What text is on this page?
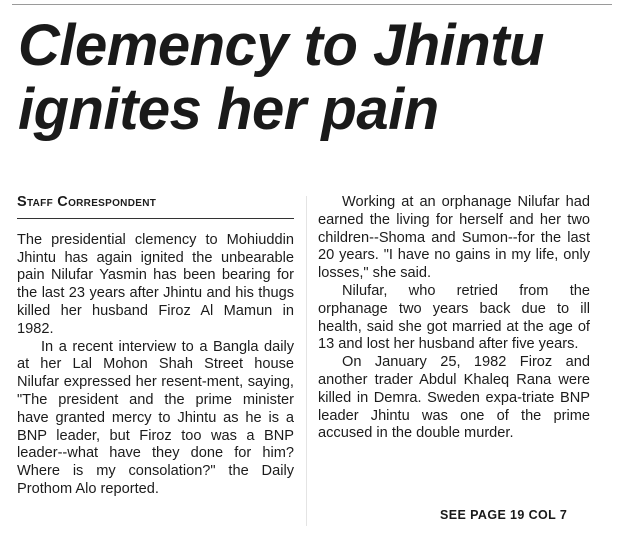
Clemency to Jhintu ignites her pain
Staff Correspondent

The presidential clemency to Mohiuddin Jhintu has again ignited the unbearable pain Nilufar Yasmin has been bearing for the last 23 years after Jhintu and his thugs killed her husband Firoz Al Mamun in 1982.

In a recent interview to a Bangla daily at her Lal Mohon Shah Street house Nilufar expressed her resent-ment, saying, "The president and the prime minister have granted mercy to Jhintu as he is a BNP leader, but Firoz too was a BNP leader--what have they done for him? Where is my consolation?" the Daily Prothom Alo reported.

Working at an orphanage Nilufar had earned the living for herself and her two children--Shoma and Sumon--for the last 20 years. "I have no gains in my life, only losses," she said.

Nilufar, who retried from the orphanage two years back due to ill health, said she got married at the age of 13 and lost her husband after five years.

On January 25, 1982 Firoz and another trader Abdul Khaleq Rana were killed in Demra. Sweden expa-triate BNP leader Jhintu was one of the prime accused in the double murder.

SEE PAGE 19 COL 7
